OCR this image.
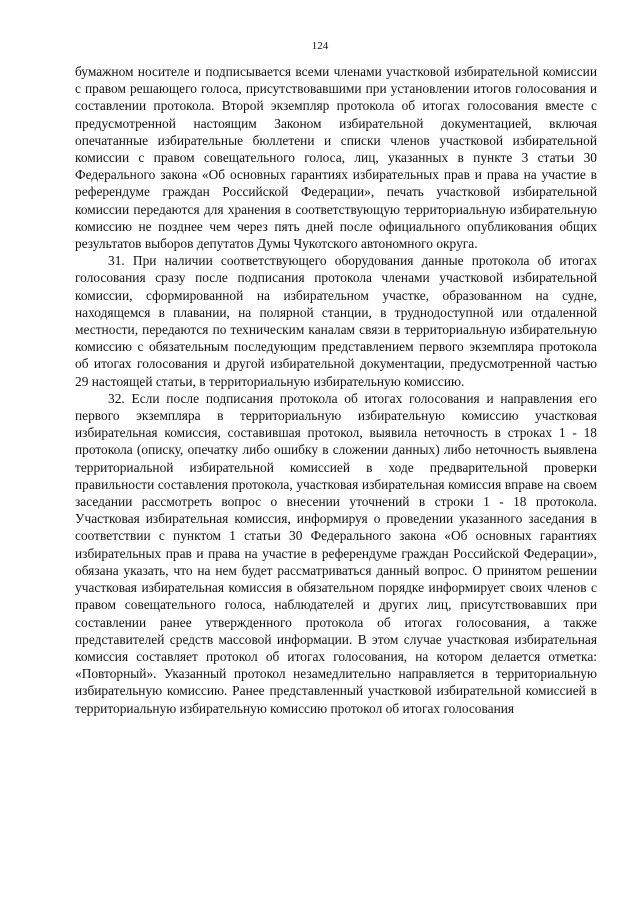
124

бумажном носителе и подписывается всеми членами участковой избирательной комиссии с правом решающего голоса, присутствовавшими при установлении итогов голосования и составлении протокола. Второй экземпляр протокола об итогах голосования вместе с предусмотренной настоящим Законом избирательной документацией, включая опечатанные избирательные бюллетени и списки членов участковой избирательной комиссии с правом совещательного голоса, лиц, указанных в пункте 3 статьи 30 Федерального закона «Об основных гарантиях избирательных прав и права на участие в референдуме граждан Российской Федерации», печать участковой избирательной комиссии передаются для хранения в соответствующую территориальную избирательную комиссию не позднее чем через пять дней после официального опубликования общих результатов выборов депутатов Думы Чукотского автономного округа.

31. При наличии соответствующего оборудования данные протокола об итогах голосования сразу после подписания протокола членами участковой избирательной комиссии, сформированной на избирательном участке, образованном на судне, находящемся в плавании, на полярной станции, в труднодоступной или отдаленной местности, передаются по техническим каналам связи в территориальную избирательную комиссию с обязательным последующим представлением первого экземпляра протокола об итогах голосования и другой избирательной документации, предусмотренной частью 29 настоящей статьи, в территориальную избирательную комиссию.

32. Если после подписания протокола об итогах голосования и направления его первого экземпляра в территориальную избирательную комиссию участковая избирательная комиссия, составившая протокол, выявила неточность в строках 1 - 18 протокола (описку, опечатку либо ошибку в сложении данных) либо неточность выявлена территориальной избирательной комиссией в ходе предварительной проверки правильности составления протокола, участковая избирательная комиссия вправе на своем заседании рассмотреть вопрос о внесении уточнений в строки 1 - 18 протокола. Участковая избирательная комиссия, информируя о проведении указанного заседания в соответствии с пунктом 1 статьи 30 Федерального закона «Об основных гарантиях избирательных прав и права на участие в референдуме граждан Российской Федерации», обязана указать, что на нем будет рассматриваться данный вопрос. О принятом решении участковая избирательная комиссия в обязательном порядке информирует своих членов с правом совещательного голоса, наблюдателей и других лиц, присутствовавших при составлении ранее утвержденного протокола об итогах голосования, а также представителей средств массовой информации. В этом случае участковая избирательная комиссия составляет протокол об итогах голосования, на котором делается отметка: «Повторный». Указанный протокол незамедлительно направляется в территориальную избирательную комиссию. Ранее представленный участковой избирательной комиссией в территориальную избирательную комиссию протокол об итогах голосования
